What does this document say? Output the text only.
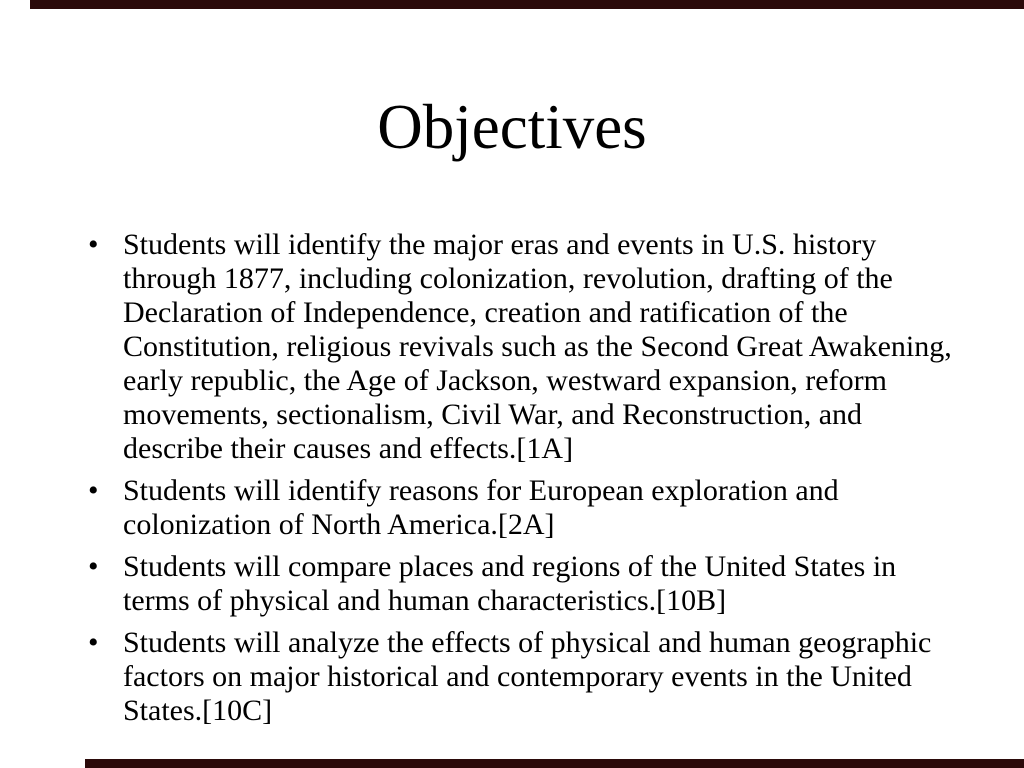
Objectives
• Students will identify the major eras and events in U.S. history through 1877, including colonization, revolution, drafting of the Declaration of Independence, creation and ratification of the Constitution, religious revivals such as the Second Great Awakening, early republic, the Age of Jackson, westward expansion, reform movements, sectionalism, Civil War, and Reconstruction, and describe their causes and effects.[1A]
• Students will identify reasons for European exploration and colonization of North America.[2A]
• Students will compare places and regions of the United States in terms of physical and human characteristics.[10B]
• Students will analyze the effects of physical and human geographic factors on major historical and contemporary events in the United States.[10C]
